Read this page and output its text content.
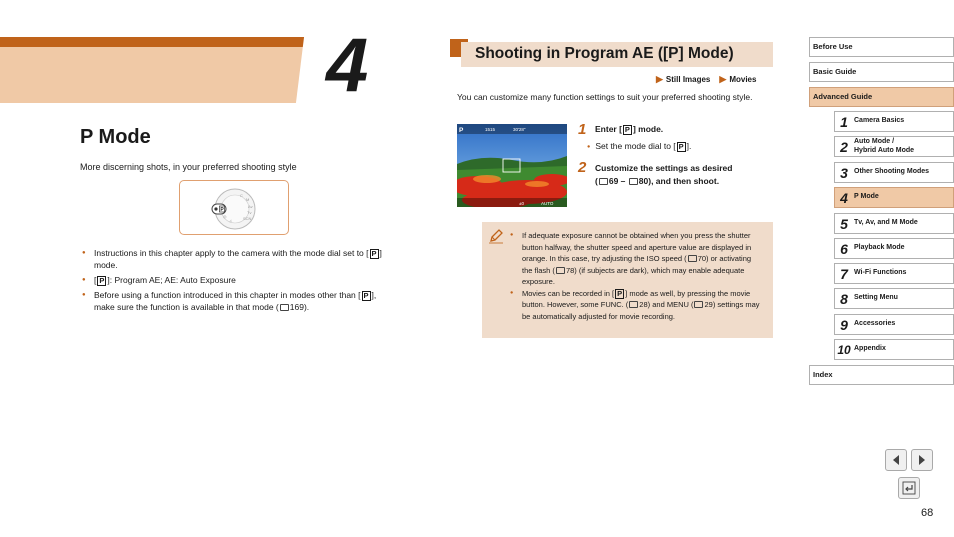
4
P Mode
More discerning shots, in your preferred shooting style
C
M
Av
Tv
SCN
♫
◎
P
● Instructions in this chapter apply to the camera with the mode dial set to [ P ] mode.
● [ P ]: Program AE; AE: Auto Exposure
● Before using a function introduced in this chapter in modes other than [ P ], make sure the function is available in that mode ( 169).
Shooting in Program AE ([P] Mode)
▶ Still Images ▶ Movies
You can customize many function settings to suit your preferred shooting style.
P	1515	30'28"
±0	AUTO
1 Enter [ P ] mode.
● Set the mode dial to [ P ].
2 Customize the settings as desired
( 69 – 80), and then shoot.
● If adequate exposure cannot be obtained when you press the shutter button halfway, the shutter speed and aperture value are displayed in orange. In this case, try adjusting the ISO speed ( 70) or activating the flash ( 78) (if subjects are dark), which may enable adequate exposure.
● Movies can be recorded in [ P ] mode as well, by pressing the movie button. However, some FUNC. ( 28) and MENU ( 29) settings may be automatically adjusted for movie recording.
Before Use
Basic Guide
Advanced Guide
1 Camera Basics
2 Auto Mode /
Hybrid Auto Mode
3 Other Shooting Modes
4 P Mode
5 Tv, Av, and M Mode
6 Playback Mode
7 Wi-Fi Functions
8 Setting Menu
9 Accessories
10 Appendix
Index
68
